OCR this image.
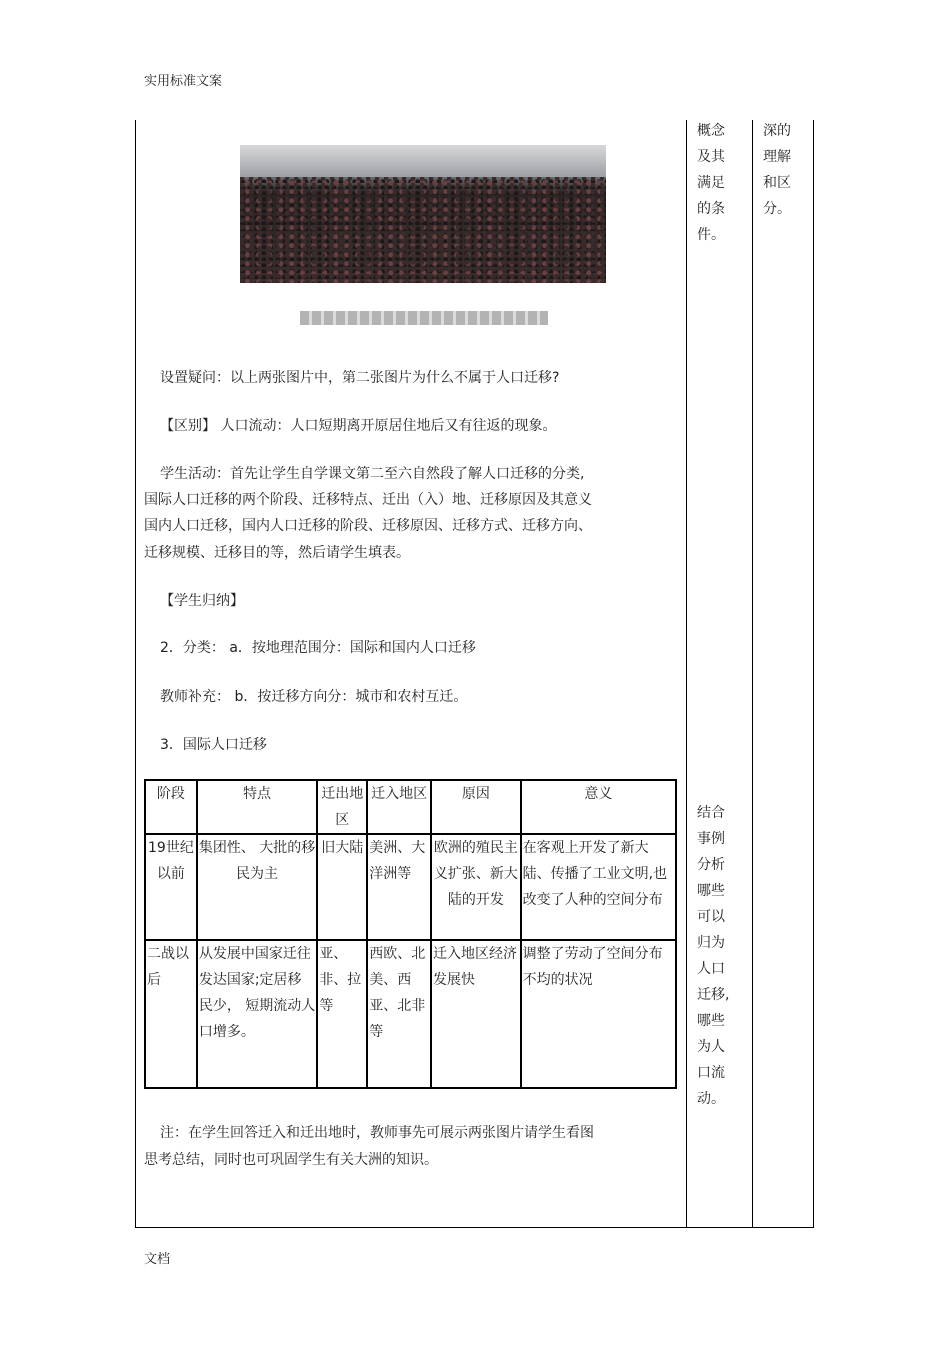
实用标准文案
设置疑问：以上两张图片中，第二张图片为什么不属于人口迁移?
【区别】 人口流动：人口短期离开原居住地后又有往返的现象。
学生活动：首先让学生自学课文第二至六自然段了解人口迁移的分类,
国际人口迁移的两个阶段、迁移特点、迁出（入）地、迁移原因及其意义
国内人口迁移，国内人口迁移的阶段、迁移原因、迁移方式、迁移方向、
迁移规模、迁移目的等，然后请学生填表。
【学生归纳】
2．分类： a．按地理范围分：国际和国内人口迁移
教师补充： b．按迁移方向分：城市和农村互迁。
3．国际人口迁移
阶段	特点	迁出地区	迁入地区	原因	意义
19世纪以前	集团性、 大批的移民为主	旧大陆	美洲、大洋洲等	欧洲的殖民主义扩张、新大陆的开发	在客观上开发了新大陆、传播了工业文明,也改变了人种的空间分布
二战以后	从发展中国家迁往发达国家;定居移民少， 短期流动人口增多。	亚、非、拉等	西欧、北美、西亚、北非等	迁入地区经济发展快	调整了劳动了空间分布不均的状况
注：在学生回答迁入和迁出地时，教师事先可展示两张图片请学生看图
思考总结，同时也可巩固学生有关大洲的知识。
概念及其满足的条件。
结合事例分析哪些可以归为人口迁移,哪些为人口流动。
深的理解和区分。
文档
